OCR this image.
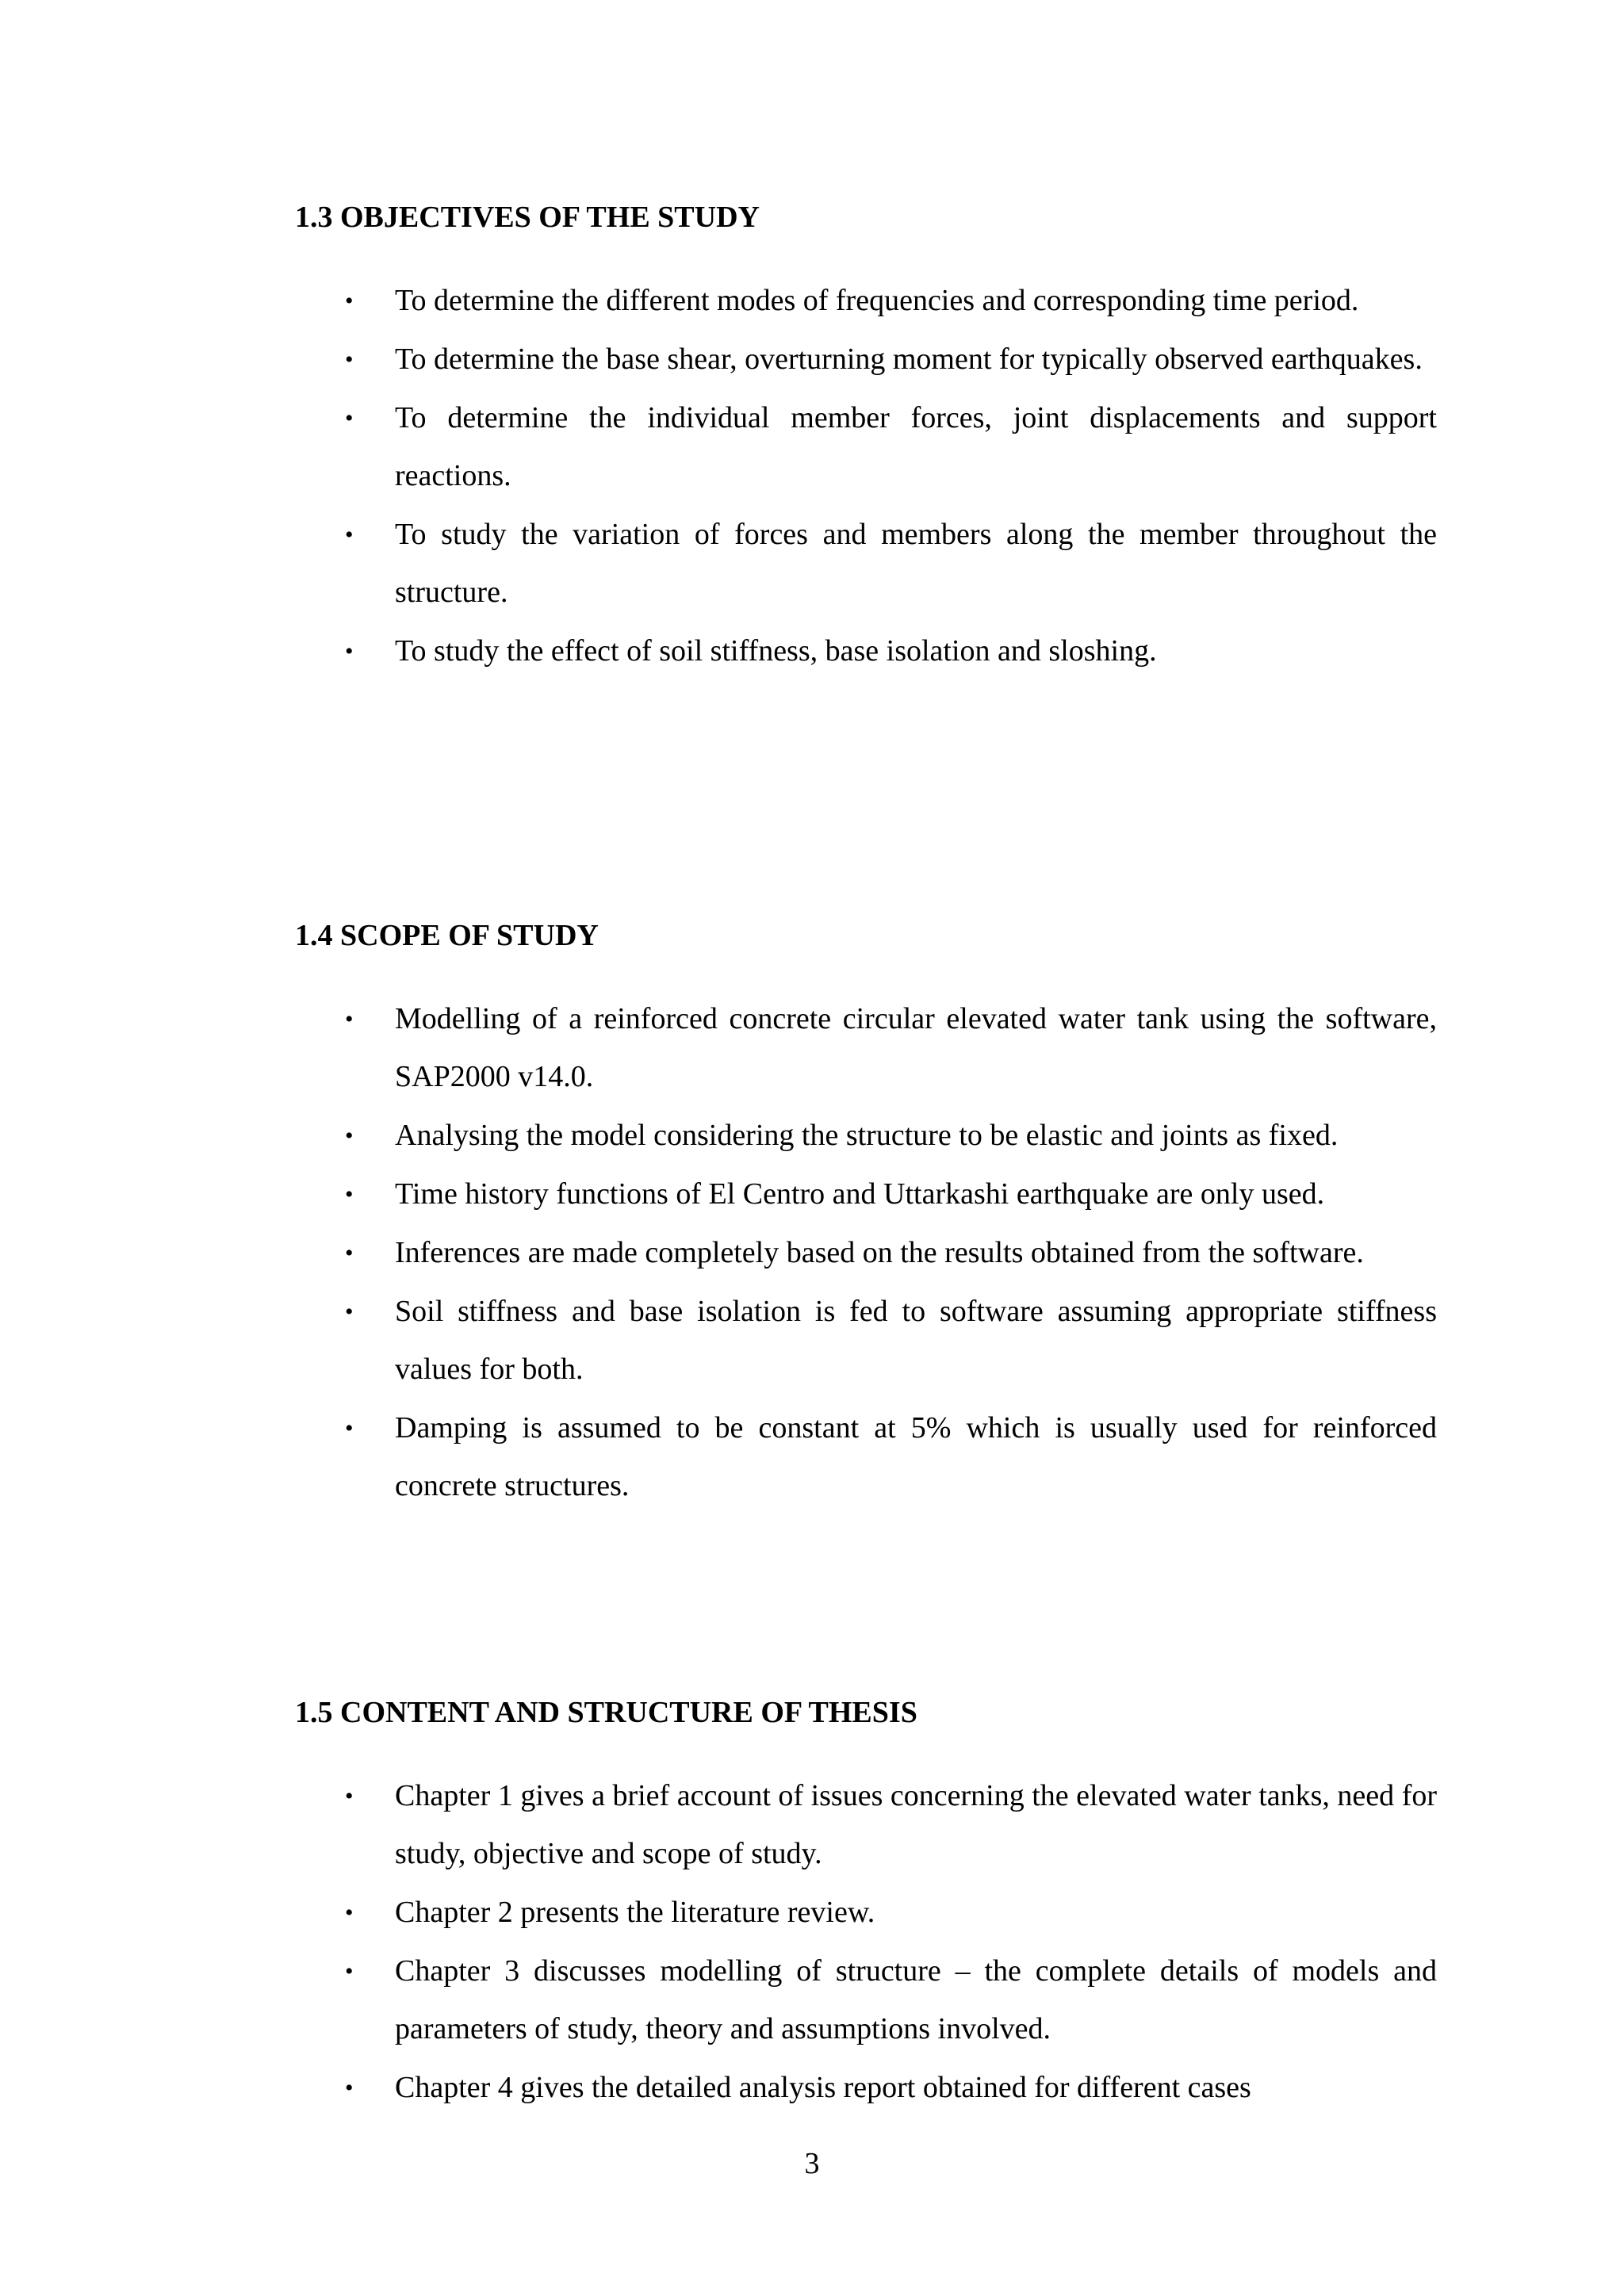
1.3 OBJECTIVES OF THE STUDY
•	To determine the different modes of frequencies and corresponding time period.
•	To determine the base shear, overturning moment for typically observed earthquakes.
•	To determine the individual member forces, joint displacements and support reactions.
•	To study the variation of forces and members along the member throughout the structure.
•	To study the effect of soil stiffness, base isolation and sloshing.
1.4 SCOPE OF STUDY
•	Modelling of a reinforced concrete circular elevated water tank using the software, SAP2000 v14.0.
•	Analysing the model considering the structure to be elastic and joints as fixed.
•	Time history functions of El Centro and Uttarkashi earthquake are only used.
•	Inferences are made completely based on the results obtained from the software.
•	Soil stiffness and base isolation is fed to software assuming appropriate stiffness values for both.
•	Damping is assumed to be constant at 5% which is usually used for reinforced concrete structures.
1.5 CONTENT AND STRUCTURE OF THESIS
•	Chapter 1 gives a brief account of issues concerning the elevated water tanks, need for study, objective and scope of study.
•	Chapter 2 presents the literature review.
•	Chapter 3 discusses modelling of structure – the complete details of models and parameters of study, theory and assumptions involved.
•	Chapter 4 gives the detailed analysis report obtained for different cases
3
